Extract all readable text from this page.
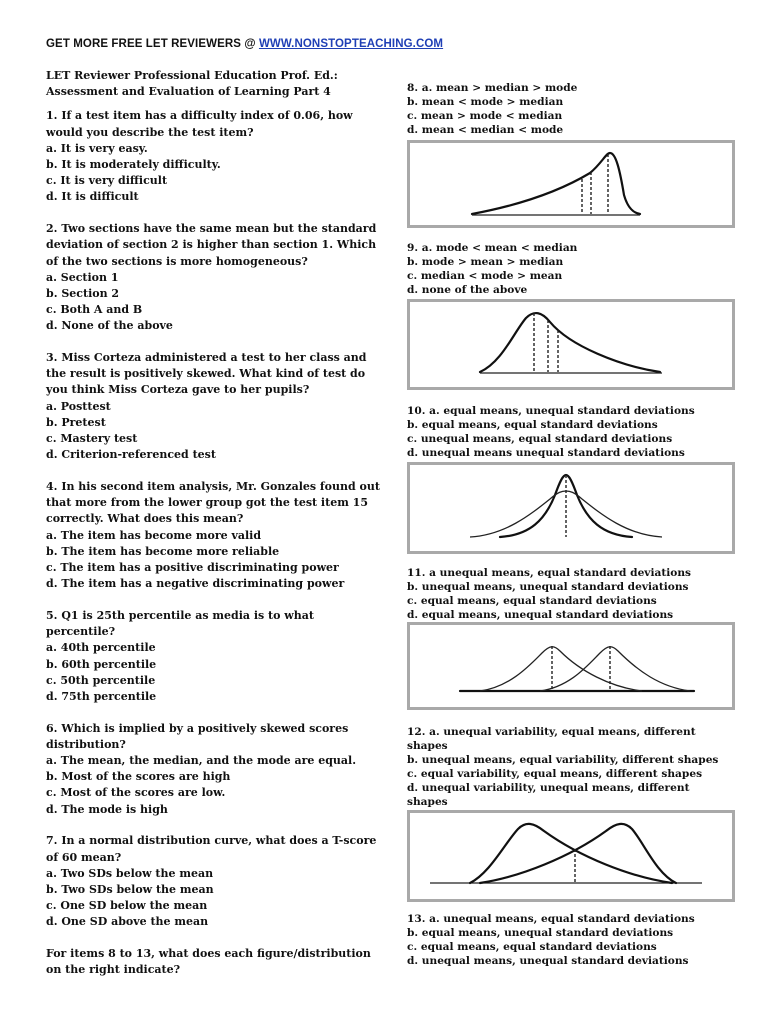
GET MORE FREE LET REVIEWERS @ WWW.NONSTOPTEACHING.COM
LET Reviewer Professional Education Prof. Ed.:
Assessment and Evaluation of Learning Part 4
1. If a test item has a difficulty index of 0.06, how
would you describe the test item?
a. It is very easy.
b. It is moderately difficulty.
c. It is very difficult
d. It is difficult
2. Two sections have the same mean but the standard
deviation of section 2 is higher than section 1. Which
of the two sections is more homogeneous?
a. Section 1
b. Section 2
c. Both A and B
d. None of the above
3. Miss Corteza administered a test to her class and
the result is positively skewed. What kind of test do
you think Miss Corteza gave to her pupils?
a. Posttest
b. Pretest
c. Mastery test
d. Criterion-referenced test
4. In his second item analysis, Mr. Gonzales found out
that more from the lower group got the test item 15
correctly. What does this mean?
a. The item has become more valid
b. The item has become more reliable
c. The item has a positive discriminating power
d. The item has a negative discriminating power
5. Q1 is 25th percentile as media is to what
percentile?
a. 40th percentile
b. 60th percentile
c. 50th percentile
d. 75th percentile
6. Which is implied by a positively skewed scores
distribution?
a. The mean, the median, and the mode are equal.
b. Most of the scores are high
c. Most of the scores are low.
d. The mode is high
7. In a normal distribution curve, what does a T-score
of 60 mean?
a. Two SDs below the mean
b. Two SDs below the mean
c. One SD below the mean
d. One SD above the mean
For items 8 to 13, what does each figure/distribution
on the right indicate?
8. a. mean > median > mode
b. mean < mode > median
c. mean > mode < median
d. mean < median < mode
9. a. mode < mean < median
b. mode > mean > median
c. median < mode > mean
d. none of the above
10. a. equal means, unequal standard deviations
b. equal means, equal standard deviations
c. unequal means, equal standard deviations
d. unequal means unequal standard deviations
11. a unequal means, equal standard deviations
b. unequal means, unequal standard deviations
c. equal means, equal standard deviations
d. equal means, unequal standard deviations
12. a. unequal variability, equal means, different
shapes
b. unequal means, equal variability, different shapes
c. equal variability, equal means, different shapes
d. unequal variability, unequal means, different
shapes
13. a. unequal means, equal standard deviations
b. equal means, unequal standard deviations
c. equal means, equal standard deviations
d. unequal means, unequal standard deviations
